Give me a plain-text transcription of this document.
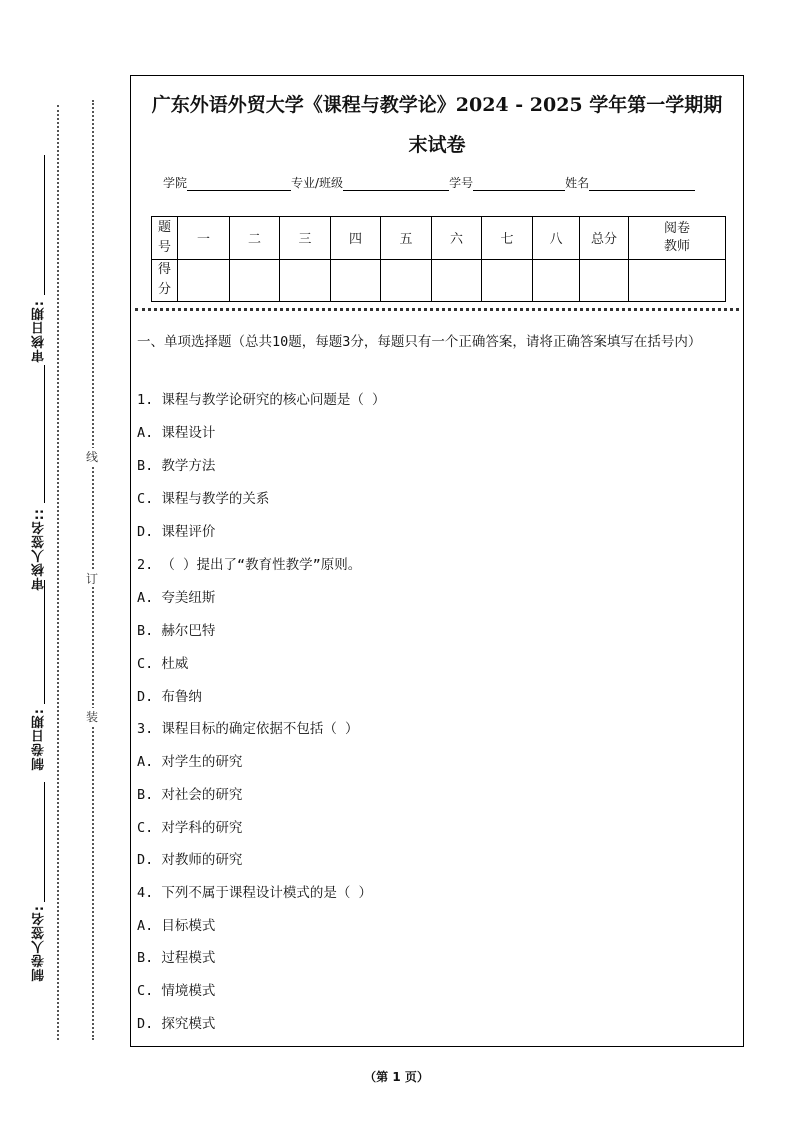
审核日期:
审核人签名::
制卷日期:
制卷人签名:
线
订
装
广东外语外贸大学《课程与教学论》2024 - 2025 学年第一学期期
末试卷
学院	专业/班级	学号	姓名
题号	一	二	三	四	五	六	七	八	总分	阅卷教师
得分										
一、单项选择题（总共10题，每题3分，每题只有一个正确答案，请将正确答案填写在括号内）
1. 课程与教学论研究的核心问题是（ ）
A. 课程设计
B. 教学方法
C. 课程与教学的关系
D. 课程评价
2. （ ）提出了“教育性教学”原则。
A. 夸美纽斯
B. 赫尔巴特
C. 杜威
D. 布鲁纳
3. 课程目标的确定依据不包括（ ）
A. 对学生的研究
B. 对社会的研究
C. 对学科的研究
D. 对教师的研究
4. 下列不属于课程设计模式的是（ ）
A. 目标模式
B. 过程模式
C. 情境模式
D. 探究模式
（第 1 页）
